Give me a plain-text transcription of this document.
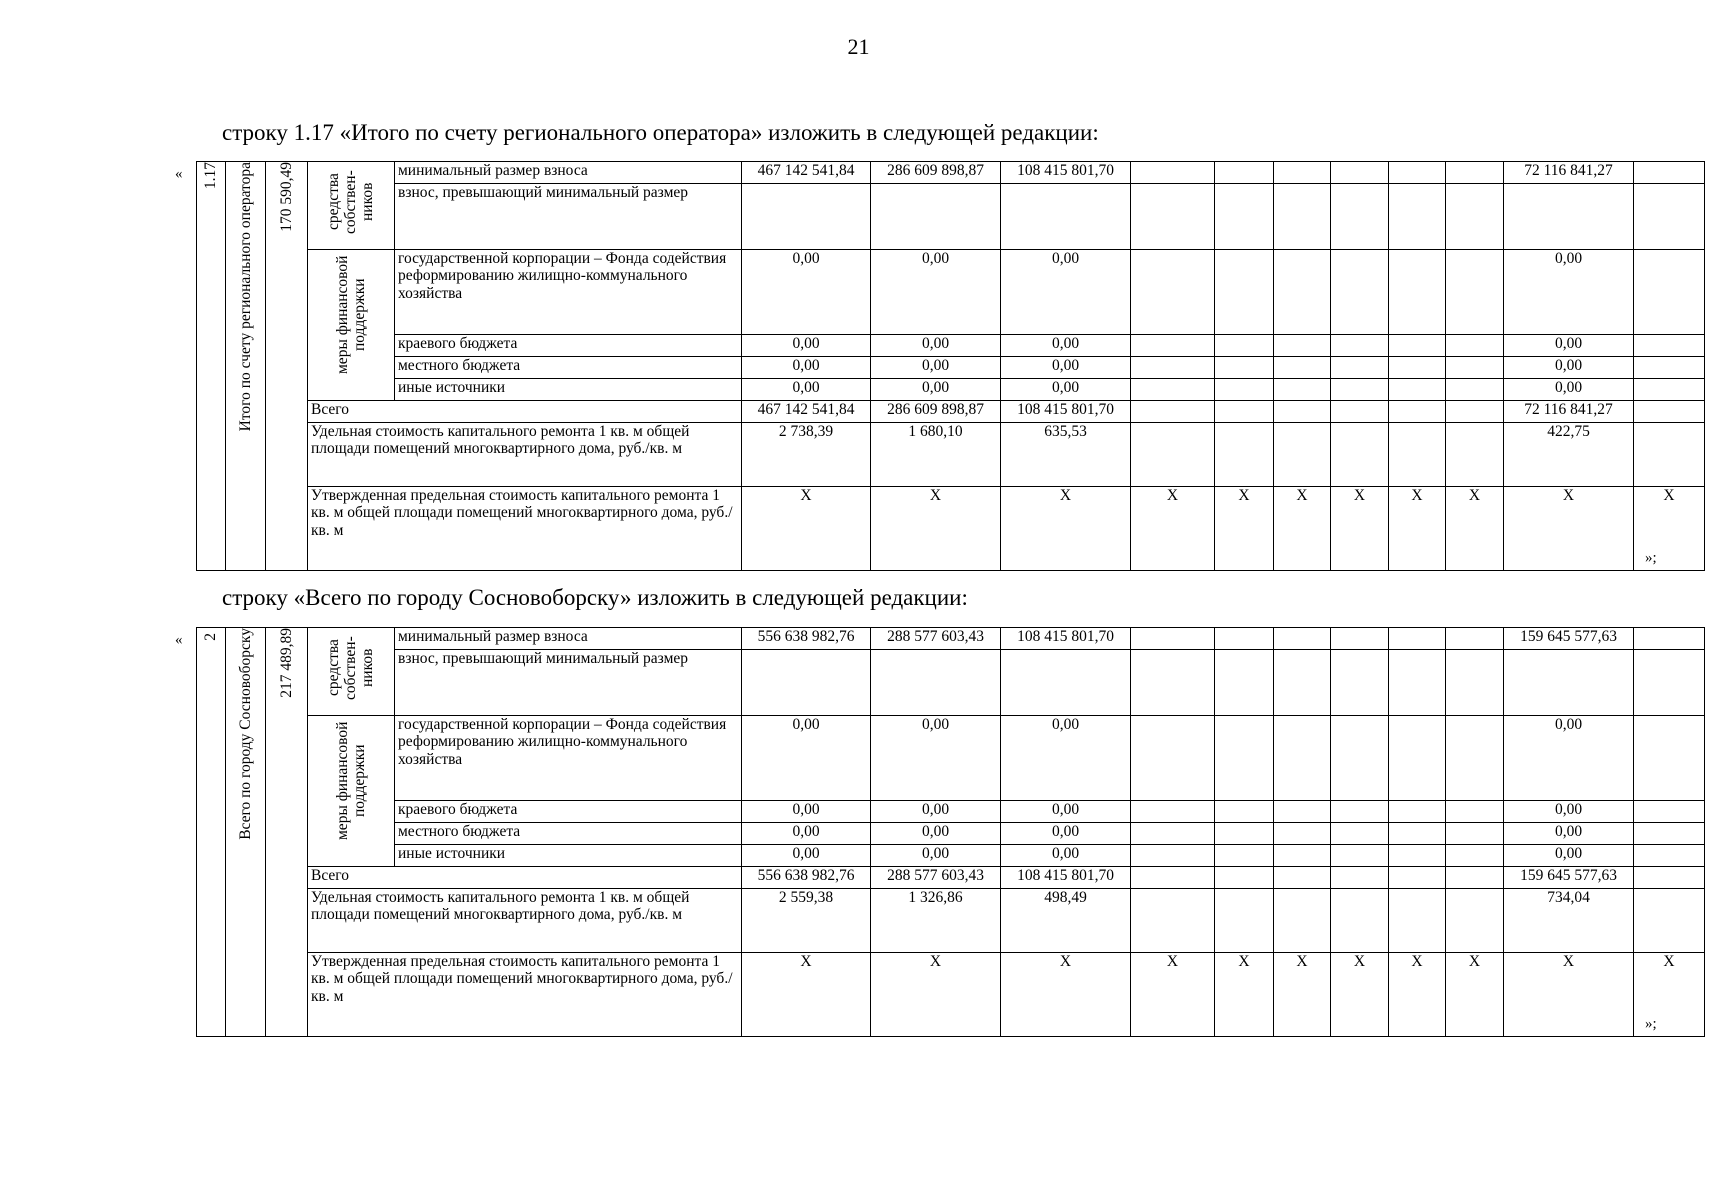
21
строку 1.17 «Итого по счету регионального оператора» изложить в следующей редакции:
«
»;
1.17	Итого по счету регионального оператора	170 590,49	средства собствен-ников	минимальный размер взноса	467 142 541,84	286 609 898,87	108 415 801,70							72 116 841,27	
				взнос, превышающий минимальный размер											
			меры финансовой поддержки	государственной корпорации – Фонда содействия реформированию жилищно-коммунального хозяйства	0,00	0,00	0,00							0,00	
				краевого бюджета	0,00	0,00	0,00							0,00	
				местного бюджета	0,00	0,00	0,00							0,00	
				иные источники	0,00	0,00	0,00							0,00	
			Всего		467 142 541,84	286 609 898,87	108 415 801,70							72 116 841,27	
			Удельная стоимость капитального ремонта 1 кв. м общей площади помещений многоквартирного дома, руб./кв. м		2 738,39	1 680,10	635,53							422,75	
			Утвержденная предельная стоимость капитального ремонта 1 кв. м общей площади помещений многоквартирного дома, руб./кв. м		X	X	X	X	X	X	X	X	X	X	X
строку «Всего по городу Сосновоборску» изложить в следующей редакции:
«
»;
2	Всего по городу Сосновоборску	217 489,89	средства собствен-ников	минимальный размер взноса	556 638 982,76	288 577 603,43	108 415 801,70							159 645 577,63	
				взнос, превышающий минимальный размер											
			меры финансовой поддержки	государственной корпорации – Фонда содействия реформированию жилищно-коммунального хозяйства	0,00	0,00	0,00							0,00	
				краевого бюджета	0,00	0,00	0,00							0,00	
				местного бюджета	0,00	0,00	0,00							0,00	
				иные источники	0,00	0,00	0,00							0,00	
			Всего		556 638 982,76	288 577 603,43	108 415 801,70							159 645 577,63	
			Удельная стоимость капитального ремонта 1 кв. м общей площади помещений многоквартирного дома, руб./кв. м		2 559,38	1 326,86	498,49							734,04	
			Утвержденная предельная стоимость капитального ремонта 1 кв. м общей площади помещений многоквартирного дома, руб./кв. м		X	X	X	X	X	X	X	X	X	X	X
